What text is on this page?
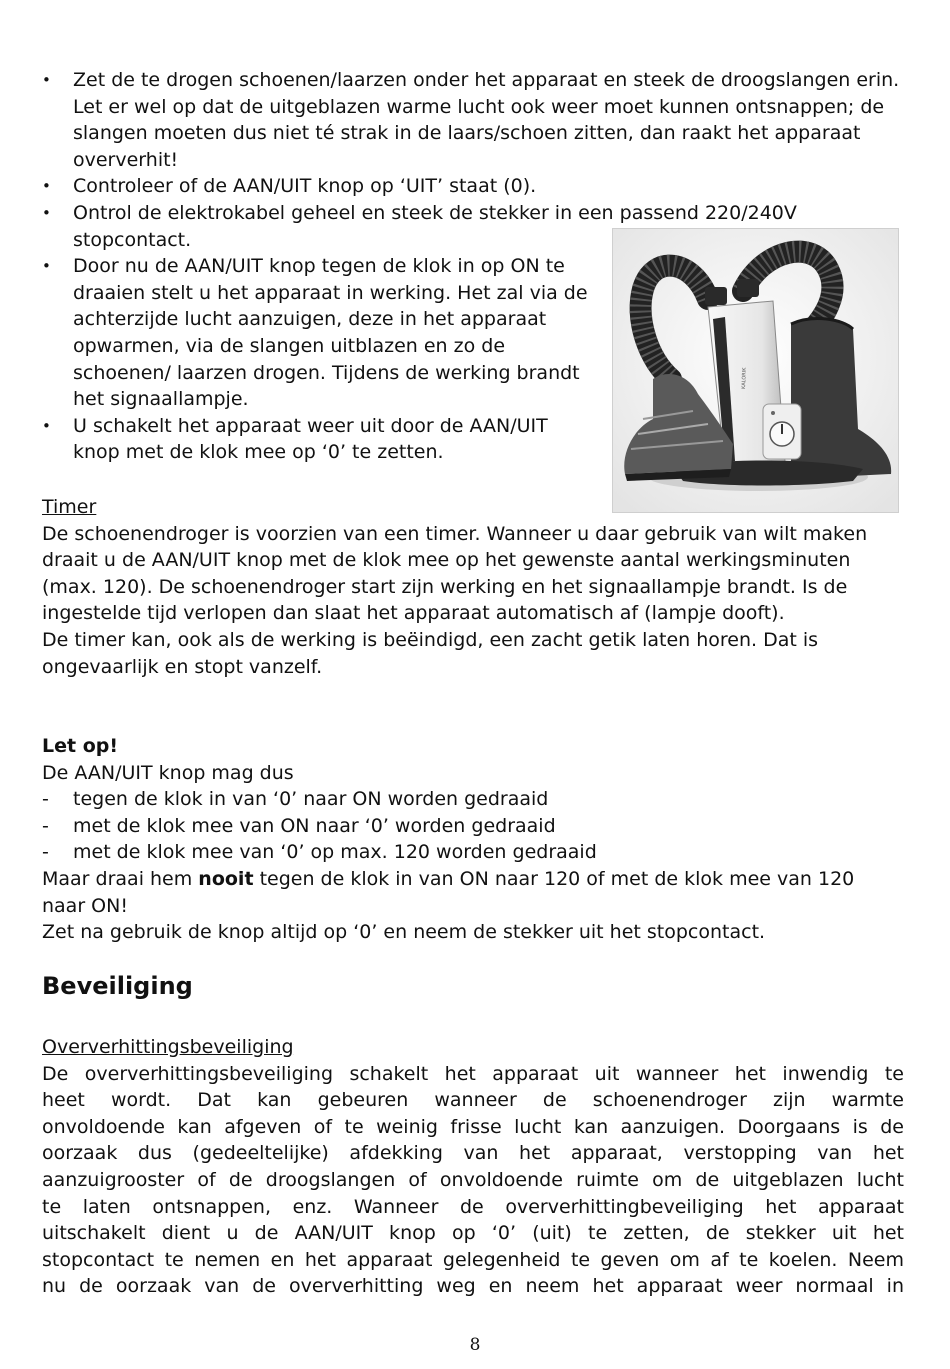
• Zet de te drogen schoenen/laarzen onder het apparaat en steek de droogslangen erin. Let er wel op dat de uitgeblazen warme lucht ook weer moet kunnen ontsnappen; de slangen moeten dus niet té strak in de laars/schoen zitten, dan raakt het apparaat oververhit!
• Controleer of de AAN/UIT knop op ‘UIT’ staat (0).
• Ontrol de elektrokabel geheel en steek de stekker in een passend 220/240V stopcontact.
• Door nu de AAN/UIT knop tegen de klok in op ON te draaien stelt u het apparaat in werking. Het zal via de achterzijde lucht aanzuigen, deze in het apparaat opwarmen, via de slangen uitblazen en zo de schoenen/ laarzen drogen. Tijdens de werking brandt het signaallampje.
• U schakelt het apparaat weer uit door de AAN/UIT knop met de klok mee op ‘0’ te zetten.
KALORIK
Timer
De schoenendroger is voorzien van een timer. Wanneer u daar gebruik van wilt maken draait u de AAN/UIT knop met de klok mee op het gewenste aantal werkingsminuten (max. 120). De schoenendroger start zijn werking en het signaallampje brandt. Is de ingestelde tijd verlopen dan slaat het apparaat automatisch af (lampje dooft).
De timer kan, ook als de werking is beëindigd, een zacht getik laten horen. Dat is ongevaarlijk en stopt vanzelf.
Let op!
De AAN/UIT knop mag dus
- tegen de klok in van ‘0’ naar ON worden gedraaid
- met de klok mee van ON naar ‘0’ worden gedraaid
- met de klok mee van ‘0’ op max. 120 worden gedraaid
Maar draai hem nooit tegen de klok in van ON naar 120 of met de klok mee van 120 naar ON!
Zet na gebruik de knop altijd op ‘0’ en neem de stekker uit het stopcontact.
Beveiliging
Oververhittingsbeveiliging
De oververhittingsbeveiliging schakelt het apparaat uit wanneer het inwendig te
heet wordt. Dat kan gebeuren wanneer de schoenendroger zijn warmte
onvoldoende kan afgeven of te weinig frisse lucht kan aanzuigen. Doorgaans is de
oorzaak dus (gedeeltelijke) afdekking van het apparaat, verstopping van het
aanzuigrooster of de droogslangen of onvoldoende ruimte om de uitgeblazen lucht
te laten ontsnappen, enz. Wanneer de oververhittingbeveiliging het apparaat
uitschakelt dient u de AAN/UIT knop op ‘0’ (uit) te zetten, de stekker uit het
stopcontact te nemen en het apparaat gelegenheid te geven om af te koelen. Neem
nu de oorzaak van de oververhitting weg en neem het apparaat weer normaal in
8
